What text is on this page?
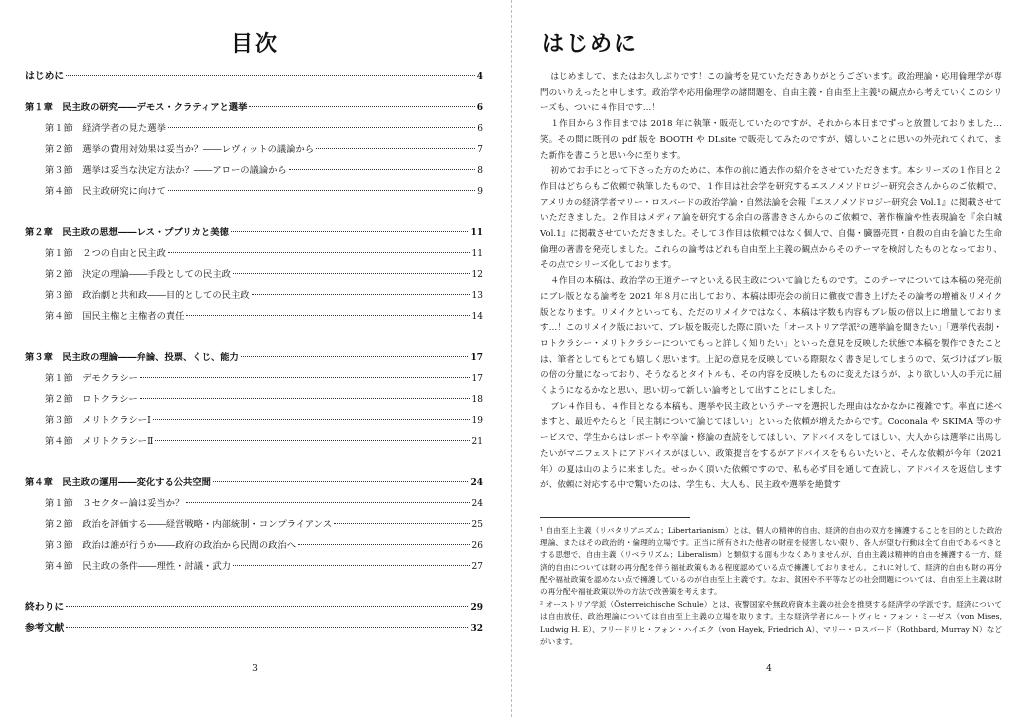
目次
はじめに	4
第１章　民主政の研究――デモス・クラティアと選挙	6
第１節　経済学者の見た選挙	6
第２節　選挙の費用対効果は妥当か？――レヴィットの議論から	7
第３節　選挙は妥当な決定方法か？――アローの議論から	8
第４節　民主政研究に向けて	9
第２章　民主政の思想――レス・プブリカと美徳	11
第１節　２つの自由と民主政	11
第２節　決定の理論――手段としての民主政	12
第３節　政治劇と共和政――目的としての民主政	13
第４節　国民主権と主権者の責任	14
第３章　民主政の理論――弁論、投票、くじ、能力	17
第１節　デモクラシー	17
第２節　ロトクラシー	18
第３節　メリトクラシーⅠ	19
第４節　メリトクラシーⅡ	21
第４章　民主政の運用――変化する公共空間	24
第１節　３セクター論は妥当か？	24
第２節　政治を評価する――経営戦略・内部統制・コンプライアンス	25
第３節　政治は誰が行うか――政府の政治から民間の政治へ	26
第４節　民主政の条件――理性・討議・武力	27
終わりに	29
参考文献	32
3
はじめに

はじめまして、またはお久しぶりです！この論考を見ていただきありがとうございます。政治理論・応用倫理学が専門のいりえったと申します。政治学や応用倫理学の諸問題を、自由主義・自由至上主義¹の観点から考えていくこのシリーズも、ついに４作目です…！

１作目から３作目までは 2018 年に執筆・販売していたのですが、それから本日までずっと放置しておりました…笑。その間に既刊の pdf 版を BOOTH や DLsite で販売してみたのですが、嬉しいことに思いの外売れてくれて、また新作を書こうと思い今に至ります。

初めてお手にとって下さった方のために、本作の前に過去作の紹介をさせていただきます。本シリーズの１作目と２作目はどちらもご依頼で執筆したもので、１作目は社会学を研究するエスノメソドロジー研究会さんからのご依頼で、アメリカの経済学者マリー・ロスバードの政治学論・自然法論を会報『エスノメソドロジー研究会 Vol.1』に掲載させていただきました。２作目はメディア論を研究する余白の落書きさんからのご依頼で、著作権論や性表現論を『余白城 Vol.1』に掲載させていただきました。そして３作目は依頼ではなく個人で、自傷・臓器売買・自殺の自由を論じた生命倫理の著書を発売しました。これらの論考はどれも自由至上主義の観点からそのテーマを検討したものとなっており、その点でシリーズ化しております。

４作目の本稿は、政治学の王道テーマといえる民主政について論じたものです。このテーマについては本稿の発売前にブレ版となる論考を 2021 年８月に出しており、本稿は即売会の前日に徹夜で書き上げたその論考の増補＆リメイク版となります。リメイクといっても、ただのリメイクではなく、本稿は字数も内容もブレ版の倍以上に増量しております…！このリメイク版において、ブレ版を販売した際に頂いた「オーストリア学派²の選挙論を聞きたい」「選挙代表制・ロトクラシー・メリトクラシーについてもっと詳しく知りたい」といった意見を反映した状態で本稿を製作できたことは、筆者としてもとても嬉しく思います。上記の意見を反映している際限なく書き足してしまうので、気づけばブレ版の倍の分量になっており、そうなるとタイトルも、その内容を反映したものに変えたほうが、より欲しい人の手元に届くようになるかなと思い、思い切って新しい論考として出すことにしました。

ブレ４作目も、４作目となる本稿も、選挙や民主政というテーマを選択した理由はなかなかに複雑です。率直に述べますと、最近やたらと「民主制について論じてほしい」といった依頼が増えたからです。Coconala や SKIMA 等のサービスで、学生からはレポートや卒論・修論の査読をしてほしい、アドバイスをしてほしい、大人からは選挙に出馬したいがマニフェストにアドバイスがほしい、政策提言をするがアドバイスをもらいたいと、そんな依頼が今年（2021 年）の夏は山のように来ました。せっかく頂いた依頼ですので、私も必ず目を通して査読し、アドバイスを返信しますが、依頼に対応する中で驚いたのは、学生も、大人も、民主政や選挙を絶賛す

¹ 自由至上主義（リバタリアニズム；Libertarianism）とは、個人の精神的自由、経済的自由の双方を擁護することを目的とした政治理論、またはその政治的・倫理的立場です。正当に所有された他者の財産を侵害しない限り、各人が望む行動は全て自由であるべきとする思想で、自由主義（リベラリズム；Liberalism）と類似する面も少なくありませんが、自由主義は精神的自由を擁護する一方、経済的自由については財の再分配を伴う福祉政策もある程度認めている点で擁護しておりません。これに対して、経済的自由も財の再分配や福祉政策を認めない点で擁護しているのが自由至上主義です。なお、貧困や不平等などの社会問題については、自由至上主義は財の再分配や福祉政策以外の方法で改善策を考えます。

² オーストリア学派（Österreichische Schule）とは、夜警国家や無政府資本主義の社会を推奨する経済学の学派です。経済については自由放任、政治理論については自由至上主義の立場を取ります。主な経済学者にルートヴィヒ・フォン・ミーゼス（von Mises, Ludwig H. E）、フリードリヒ・フォン・ハイエク（von Hayek, Friedrich A）、マリー・ロスバード（Rothbard, Murray N）などがいます。

4
